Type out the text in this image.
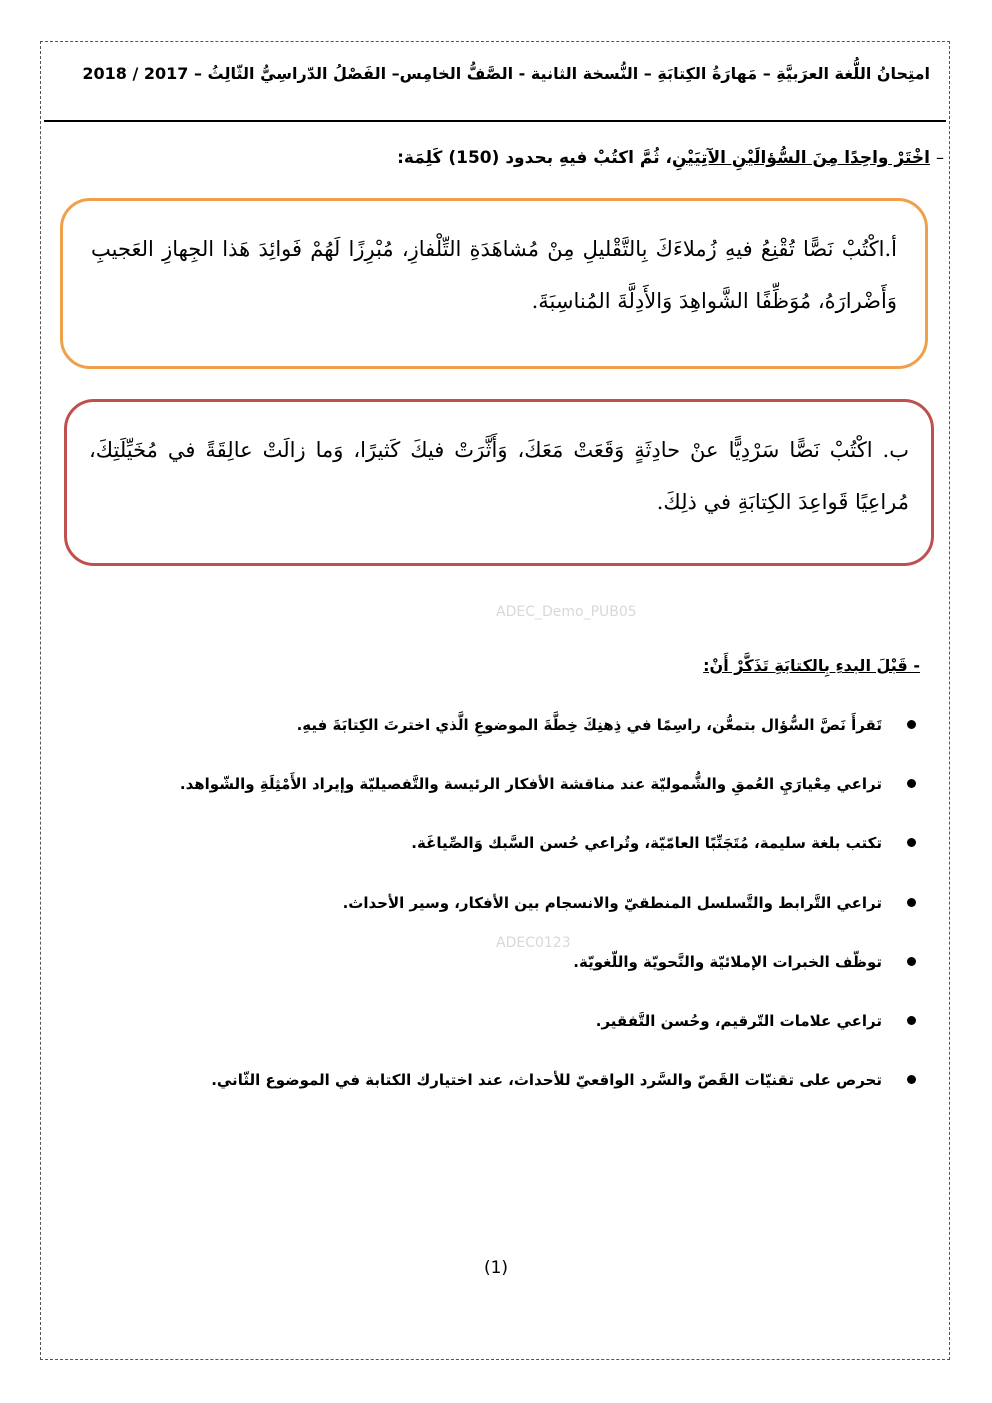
امتِحانُ اللُّغة العرَبيَّةِ – مَهارَةُ الكِتابَةِ – النُّسخة الثانية - الصَّفُّ الخامِس– الفَصْلُ الدّراسِيُّ الثّالِثُ – 2017 / 2018
–
اخْتَرْ واحِدًا مِنَ السُّؤالَيْنِ الآتِيَيْنِ، ثُمَّ اكتُبْ فيهِ بحدود (150) كَلِمَة:
أ.اكْتُبْ نَصًّا تُقْنِعُ فيهِ زُملاءَكَ بِالتَّقْليلِ مِنْ مُشاهَدَةِ التِّلْفازِ، مُبْرِزًا لَهُمْ فَوائِدَ هَذا الجِهازِ العَجيبِ وَأَضْرارَهُ، مُوَظِّفًا الشَّواهِدَ وَالأَدِلَّةَ المُناسِبَةَ.
ب. اكْتُبْ نَصًّا سَرْدِيًّا عنْ حادِثَةٍ وَقَعَتْ مَعَكَ، وَأَثَّرَتْ فيكَ كَثيرًا، وَما زالَتْ عالِقَةً في مُخَيِّلَتِكَ، مُراعِيًا قَواعِدَ الكِتابَةِ في ذلِكَ.
ADEC_Demo_PUB05
ADEC0123
- قَبْلَ البدءِ بِالكتابَةِ تَذَكَّرْ أَنْ:
تَقرأَ نَصَّ السُّؤال بتمعُّن، راسِمًا في ذِهنِكَ خِطَّةَ الموضوعِ الَّذي اخترتَ الكِتابَةَ فيهِ.
تراعي مِعْيارَيِ العُمقِ والشُّموليّة عند مناقشة الأفكار الرئيسة والتَّفصيليّة وإيراد الأَمْثِلَةِ والشّواهد.
تكتب بلغة سليمة، مُتَجَنِّبًا العامّيّة، وتُراعي حُسن السَّبك وَالصِّياغَة.
تراعي التَّرابط والتَّسلسل المنطقيّ والانسجام بين الأفكار، وسير الأحداث.
توظّف الخبرات الإملائيّة والنَّحويّة واللّغويّة.
تراعي علامات التّرقيم، وحُسن التَّفقير.
تحرص على تقنيّات القَصّ والسَّرد الواقعيّ للأحداث، عند اختيارك الكتابة في الموضوع الثّاني.
(1)
